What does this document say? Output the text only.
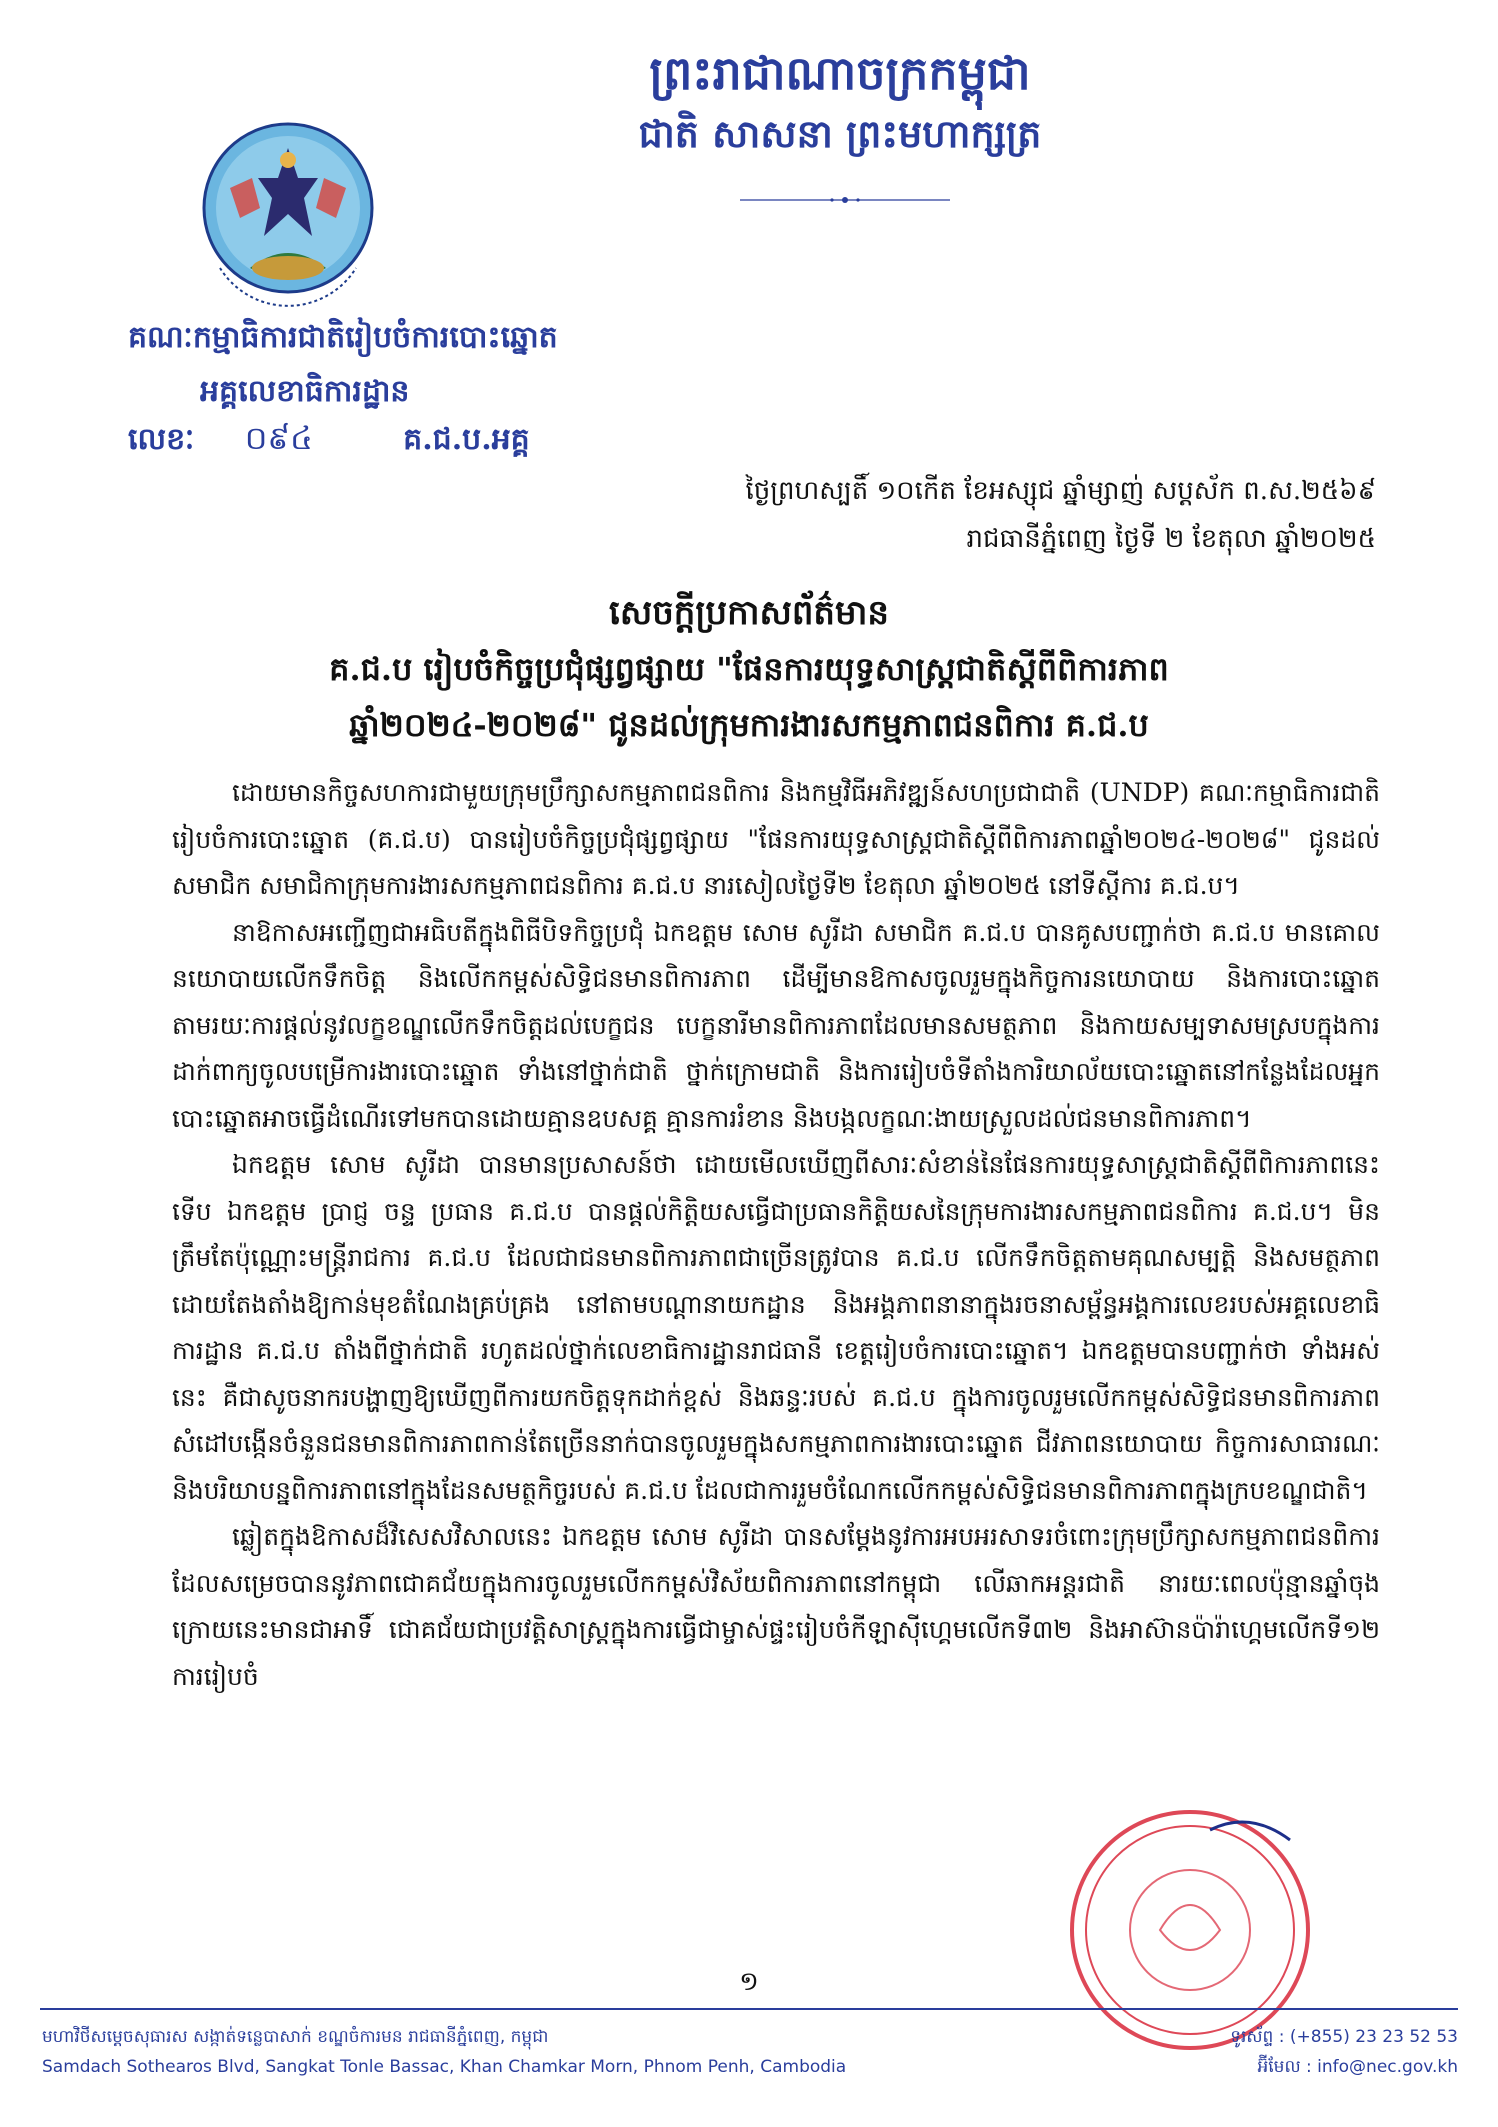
ព្រះរាជាណាចក្រកម្ពុជា
ជាតិ សាសនា ព្រះមហាក្សត្រ
គណៈកម្មាធិការជាតិរៀបចំការបោះឆ្នោត
អគ្គលេខាធិការដ្ឋាន
លេខៈ ០៩៤	គ.ជ.ប.អគ្គ
ថ្ងៃព្រហស្បតិ៍ ១០កើត ខែអស្សុជ ឆ្នាំម្សាញ់ សប្តស័ក ព.ស.២៥៦៩
រាជធានីភ្នំពេញ ថ្ងៃទី ២ ខែតុលា ឆ្នាំ២០២៥
សេចក្តីប្រកាសព័ត៌មាន
គ.ជ.ប រៀបចំកិច្ចប្រជុំផ្សព្វផ្សាយ "ផែនការយុទ្ធសាស្ត្រជាតិស្តីពីពិការភាព
ឆ្នាំ២០២៤-២០២៨" ជូនដល់ក្រុមការងារសកម្មភាពជនពិការ គ.ជ.ប

ដោយមានកិច្ចសហការជាមួយក្រុមប្រឹក្សាសកម្មភាពជនពិការ និងកម្មវិធីអភិវឌ្ឍន៍សហប្រជាជាតិ (UNDP) គណៈកម្មាធិការជាតិរៀបចំការបោះឆ្នោត (គ.ជ.ប) បានរៀបចំកិច្ចប្រជុំផ្សព្វផ្សាយ "ផែនការយុទ្ធសាស្ត្រជាតិស្តីពីពិការភាពឆ្នាំ២០២៤-២០២៨" ជូនដល់សមាជិក សមាជិកាក្រុមការងារសកម្មភាពជនពិការ គ.ជ.ប នារសៀលថ្ងៃទី២ ខែតុលា ឆ្នាំ២០២៥ នៅទីស្តីការ គ.ជ.ប។

នាឱកាសអញ្ជើញជាអធិបតីក្នុងពិធីបិទកិច្ចប្រជុំ ឯកឧត្តម សោម សូរីដា សមាជិក គ.ជ.ប បានគូសបញ្ជាក់ថា គ.ជ.ប មានគោលនយោបាយលើកទឹកចិត្ត និងលើកកម្ពស់សិទ្ធិជនមានពិការភាព ដើម្បីមានឱកាសចូលរួមក្នុងកិច្ចការនយោបាយ និងការបោះឆ្នោត តាមរយៈការផ្តល់នូវលក្ខខណ្ឌលើកទឹកចិត្តដល់បេក្ខជន បេក្ខនារីមានពិការភាពដែលមានសមត្ថភាព និងកាយសម្បទាសមស្របក្នុងការដាក់ពាក្យចូលបម្រើការងារបោះឆ្នោត ទាំងនៅថ្នាក់ជាតិ ថ្នាក់ក្រោមជាតិ និងការរៀបចំទីតាំងការិយាល័យបោះឆ្នោតនៅកន្លែងដែលអ្នកបោះឆ្នោតអាចធ្វើដំណើរទៅមកបានដោយគ្មានឧបសគ្គ គ្មានការរំខាន និងបង្កលក្ខណៈងាយស្រួលដល់ជនមានពិការភាព។

ឯកឧត្តម សោម សូរីដា បានមានប្រសាសន៍ថា ដោយមើលឃើញពីសារៈសំខាន់នៃផែនការយុទ្ធសាស្ត្រជាតិស្តីពីពិការភាពនេះ ទើប ឯកឧត្តម ប្រាជ្ញ ចន្ទ ប្រធាន គ.ជ.ប បានផ្តល់កិត្តិយសធ្វើជាប្រធានកិត្តិយសនៃក្រុមការងារសកម្មភាពជនពិការ គ.ជ.ប។ មិនត្រឹមតែប៉ុណ្ណោះមន្ត្រីរាជការ គ.ជ.ប ដែលជាជនមានពិការភាពជាច្រើនត្រូវបាន គ.ជ.ប លើកទឹកចិត្តតាមគុណសម្បត្តិ និងសមត្ថភាព ដោយតែងតាំងឱ្យកាន់មុខតំណែងគ្រប់គ្រង នៅតាមបណ្តានាយកដ្ឋាន និងអង្គភាពនានាក្នុងរចនាសម្ព័ន្ធអង្គការលេខរបស់អគ្គលេខាធិការដ្ឋាន គ.ជ.ប តាំងពីថ្នាក់ជាតិ រហូតដល់ថ្នាក់លេខាធិការដ្ឋានរាជធានី ខេត្តរៀបចំការបោះឆ្នោត។ ឯកឧត្តមបានបញ្ជាក់ថា ទាំងអស់នេះ គឺជាសូចនាករបង្ហាញឱ្យឃើញពីការយកចិត្តទុកដាក់ខ្ពស់ និងឆន្ទៈរបស់ គ.ជ.ប ក្នុងការចូលរួមលើកកម្ពស់សិទ្ធិជនមានពិការភាព សំដៅបង្កើនចំនួនជនមានពិការភាពកាន់តែច្រើននាក់បានចូលរួមក្នុងសកម្មភាពការងារបោះឆ្នោត ជីវភាពនយោបាយ កិច្ចការសាធារណៈ និងបរិយាបន្នពិការភាពនៅក្នុងដែនសមត្ថកិច្ចរបស់ គ.ជ.ប ដែលជាការរួមចំណែកលើកកម្ពស់សិទ្ធិជនមានពិការភាពក្នុងក្របខណ្ឌជាតិ។

ឆ្លៀតក្នុងឱកាសដ៏វិសេសវិសាលនេះ ឯកឧត្តម សោម សូរីដា បានសម្តែងនូវការអបអរសាទរចំពោះក្រុមប្រឹក្សាសកម្មភាពជនពិការ ដែលសម្រេចបាននូវភាពជោគជ័យក្នុងការចូលរួមលើកកម្ពស់វិស័យពិការភាពនៅកម្ពុជា លើឆាកអន្តរជាតិ នារយៈពេលប៉ុន្មានឆ្នាំចុងក្រោយនេះមានជាអាទិ៍ ជោគជ័យជាប្រវត្តិសាស្ត្រក្នុងការធ្វើជាម្ចាស់ផ្ទះរៀបចំកីឡាស៊ីហ្គេមលើកទី៣២ និងអាស៊ានប៉ារ៉ាហ្គេមលើកទី១២ ការរៀបចំ

១
មហាវិថីសម្តេចសុធារស សង្កាត់ទន្លេបាសាក់ ខណ្ឌចំការមន រាជធានីភ្នំពេញ, កម្ពុជា
Samdach Sothearos Blvd, Sangkat Tonle Bassac, Khan Chamkar Morn, Phnom Penh, Cambodia
ទូរស័ព្ទ : (+855) 23 23 52 53
អ៊ីមែល : info@nec.gov.kh
